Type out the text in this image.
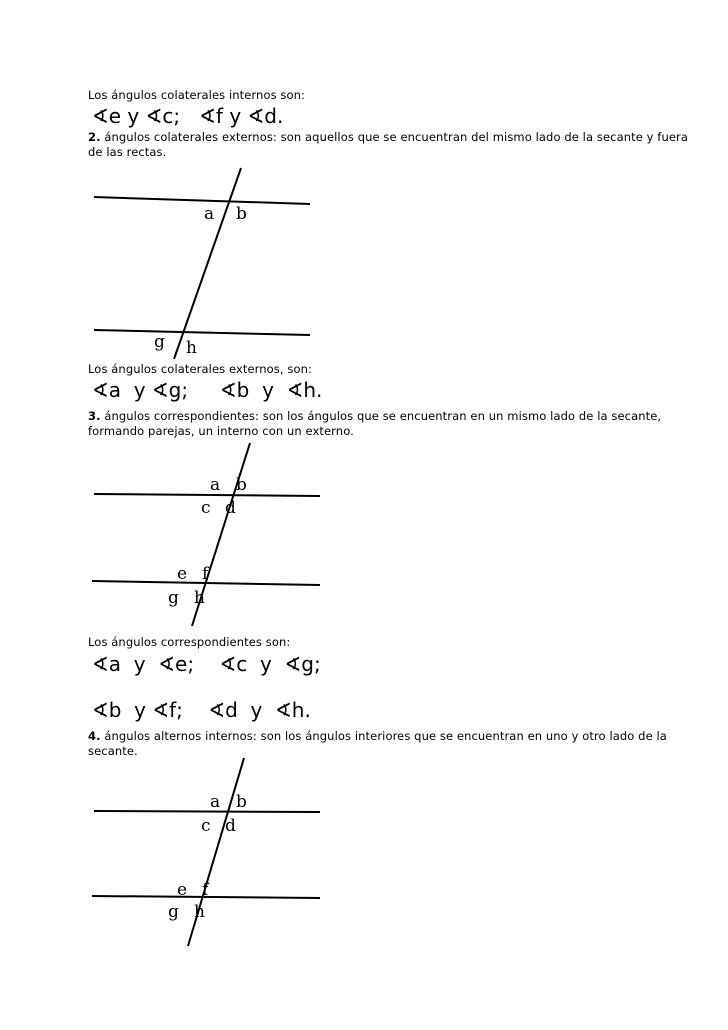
Los ángulos colaterales internos son:
∢e y ∢c;   ∢f y ∢d.
2. ángulos colaterales externos: son aquellos que se encuentran del mismo lado de la secante y fuera de las rectas.
a b
g h
Los ángulos colaterales externos, son:
∢a  y ∢g;     ∢b  y  ∢h.
3. ángulos correspondientes: son los ángulos que se encuentran en un mismo lado de la secante, formando parejas, un interno con un externo.
a b
c d
e f
g h
Los ángulos correspondientes son:
∢a  y  ∢e;    ∢c  y  ∢g;
∢b  y ∢f;    ∢d  y  ∢h.
4. ángulos alternos internos: son los ángulos interiores que se encuentran en uno y otro lado de la secante.
a b
c d
e f
g h
